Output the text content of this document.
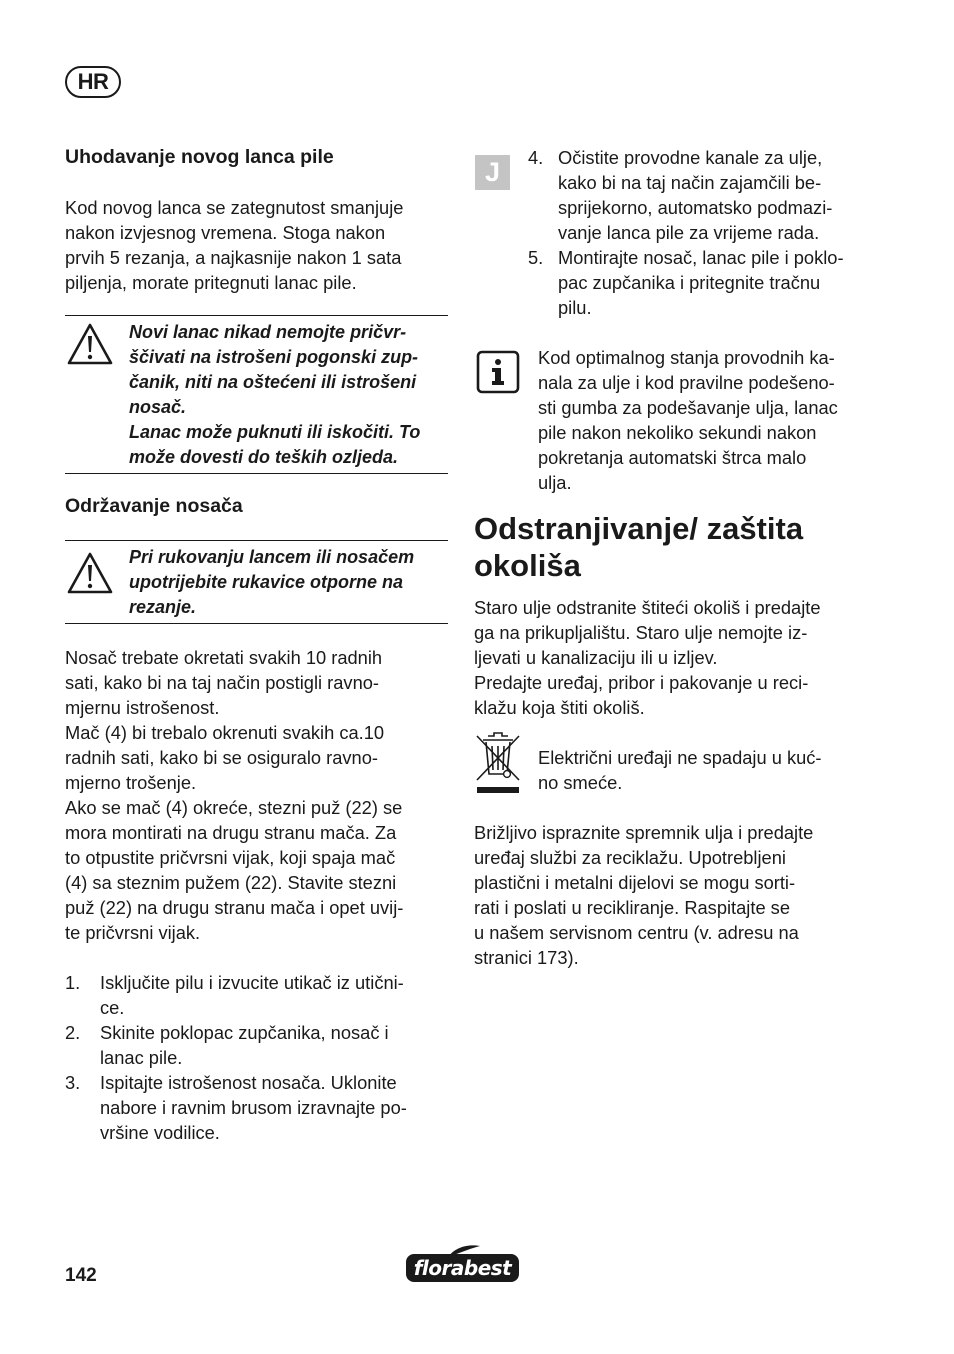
HR
Uhodavanje novog lanca pile
Kod novog lanca se zategnutost smanjuje
nakon izvjesnog vremena. Stoga nakon
prvih 5 rezanja, a najkasnije nakon 1 sata
piljenja, morate pritegnuti lanac pile.
Novi lanac nikad nemojte pričvr-
ščivati na istrošeni pogonski zup-
čanik, niti na oštećeni ili istrošeni
nosač.
Lanac može puknuti ili iskočiti. To
može dovesti do teških ozljeda.
Održavanje nosača
Pri rukovanju lancem ili nosačem
upotrijebite rukavice otporne na
rezanje.
Nosač trebate okretati svakih 10 radnih
sati, kako bi na taj način postigli ravno-
mjernu istrošenost.
Mač (4) bi trebalo okrenuti svakih ca.10
radnih sati, kako bi se osiguralo ravno-
mjerno trošenje.
Ako se mač (4) okreće, stezni puž (22) se
mora montirati na drugu stranu mača. Za
to otpustite pričvrsni vijak, koji spaja mač
(4) sa steznim pužem (22). Stavite stezni
puž (22) na drugu stranu mača i opet uvij-
te pričvrsni vijak.
1. Isključite pilu i izvucite utikač iz utični-
ce.
2. Skinite poklopac zupčanika, nosač i
lanac pile.
3. Ispitajte istrošenost nosača. Uklonite
nabore i ravnim brusom izravnajte po-
vršine vodilice.
J	4. Očistite provodne kanale za ulje,
kako bi na taj način zajamčili be-
sprijekorno, automatsko podmazi-
vanje lanca pile za vrijeme rada.
5. Montirajte nosač, lanac pile i poklo-
pac zupčanika i pritegnite tračnu
pilu.
Kod optimalnog stanja provodnih ka-
nala za ulje i kod pravilne podešeno-
sti gumba za podešavanje ulja, lanac
pile nakon nekoliko sekundi nakon
pokretanja automatski štrca malo
ulja.
Odstranjivanje/ zaštita
okoliša
Staro ulje odstranite štiteći okoliš i predajte
ga na prikupljalištu. Staro ulje nemojte iz-
ljevati u kanalizaciju ili u izljev.
Predajte uređaj, pribor i pakovanje u reci-
klažu koja štiti okoliš.
Električni uređaji ne spadaju u kuć-
no smeće.
Brižljivo ispraznite spremnik ulja i predajte
uređaj službi za reciklažu. Upotrebljeni
plastični i metalni dijelovi se mogu sorti-
rati i poslati u recikliranje. Raspitajte se
u našem servisnom centru (v. adresu na
stranici 173).
142	florabest
